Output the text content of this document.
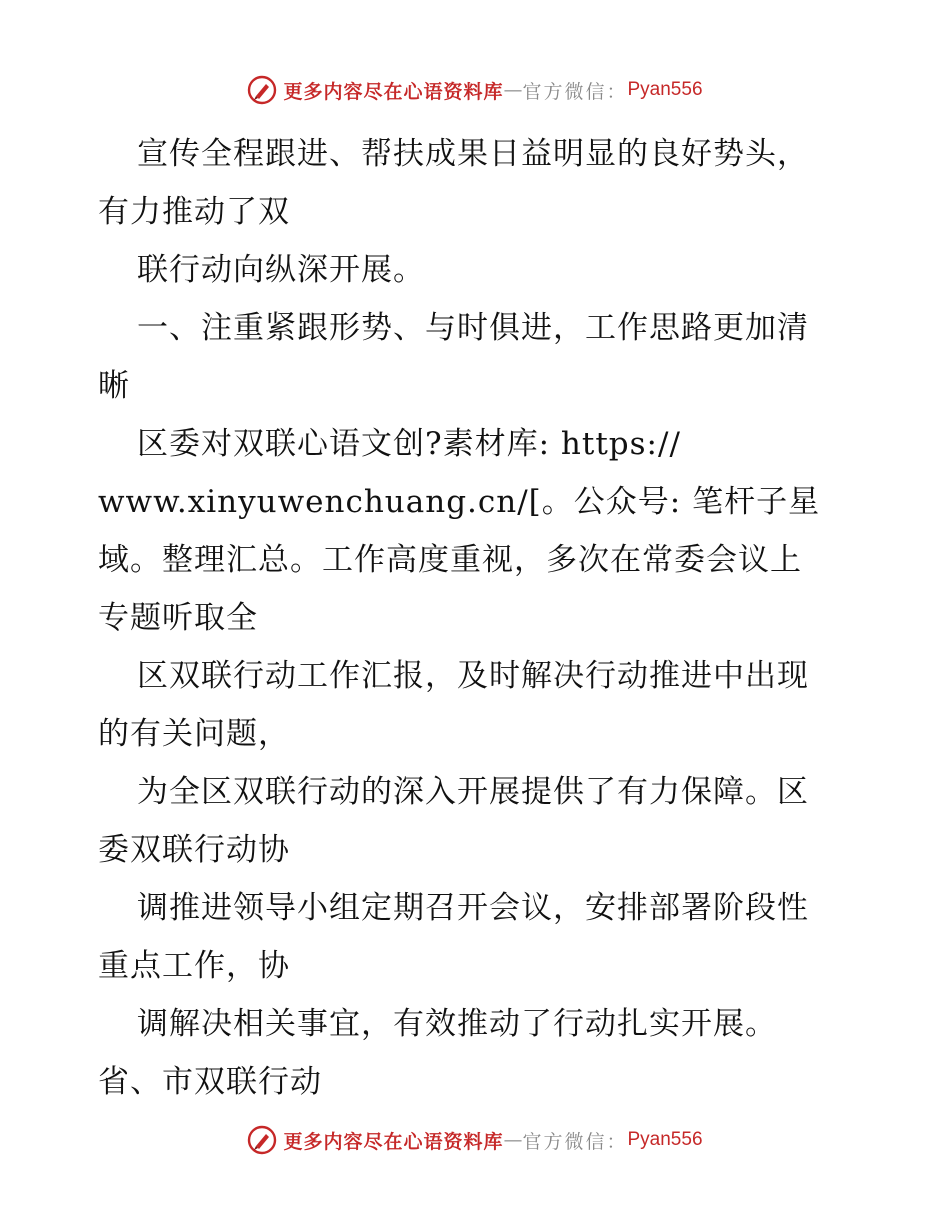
更多内容尽在心语资料库 — 官方微信： Pyan556
宣传全程跟进、帮扶成果日益明显的良好势头，
有力推动了双
联行动向纵深开展。
一、注重紧跟形势、与时俱进，工作思路更加清
晰
区委对双联心语文创?素材库: https://
www.xinyuwenchuang.cn/[。公众号: 笔杆子星
域。整理汇总。工作高度重视，多次在常委会议上
专题听取全
区双联行动工作汇报，及时解决行动推进中出现
的有关问题，
为全区双联行动的深入开展提供了有力保障。区
委双联行动协
调推进领导小组定期召开会议，安排部署阶段性
重点工作，协
调解决相关事宜，有效推动了行动扎实开展。
省、市双联行动
更多内容尽在心语资料库 — 官方微信： Pyan556
